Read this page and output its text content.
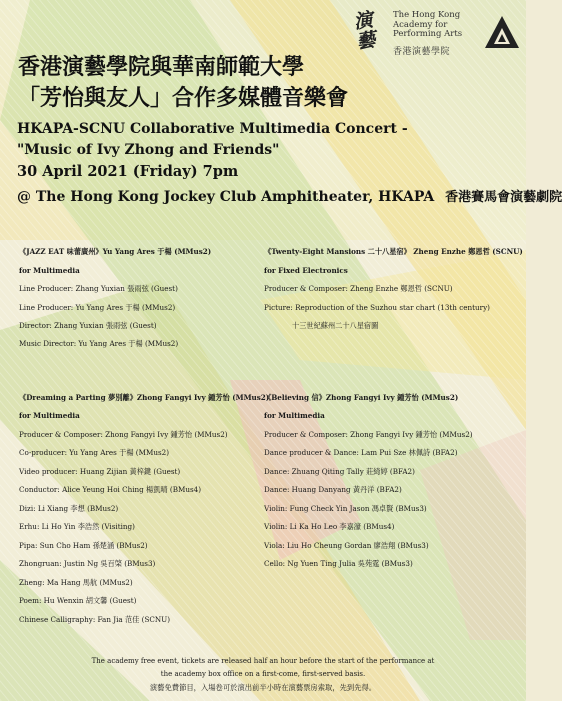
演藝
The Hong Kong Academy for Performing Arts
香港演藝學院
香港演藝學院與華南師範大學
「芳怡與友人」合作多媒體音樂會
HKAPA-SCNU Collaborative Multimedia Concert -
"Music of Ivy Zhong and Friends"
30 April 2021 (Friday) 7pm
@ The Hong Kong Jockey Club Amphitheater, HKAPA 香港賽馬會演藝劇院
《JAZZ EAT 味蕾廣州》Yu Yang Ares 于楊 (MMus2)
for Multimedia
Line Producer: Zhang Yuxian 張雨弦 (Guest)
Line Producer: Yu Yang Ares 于楊 (MMus2)
Director: Zhang Yuxian 張雨弦 (Guest)
Music Director: Yu Yang Ares 于楊 (MMus2)
《Twenty-Eight Mansions 二十八星宿》 Zheng Enzhe 鄭恩哲 (SCNU)
for Fixed Electronics
Producer & Composer: Zheng Enzhe 鄭恩哲 (SCNU)
Picture: Reproduction of the Suzhou star chart (13th century)
十三世紀蘇州二十八星宿圖
《Dreaming a Parting 夢別離》Zhong Fangyi Ivy 鍾芳怡 (MMus2)
for Multimedia
Producer & Composer: Zhong Fangyi Ivy 鍾芳怡 (MMus2)
Co-producer: Yu Yang Ares 于楊 (MMus2)
Video producer: Huang Zijian 黃梓鍵 (Guest)
Conductor: Alice Yeung Hoi Ching 楊凱晴 (BMus4)
Dizi: Li Xiang 李想 (BMus2)
Erhu: Li Ho Yin 李浩然 (Visiting)
Pipa: Sun Cho Ham 孫楚涵 (BMus2)
Zhongruan: Justin Ng 吳百棨 (BMus3)
Zheng: Ma Hang 馬航 (MMus2)
Poem: Hu Wenxin 胡文馨 (Guest)
Chinese Calligraphy: Fan Jia 范佳 (SCNU)
《Believing 信》Zhong Fangyi Ivy 鍾芳怡 (MMus2)
for Multimedia
Producer & Composer: Zhong Fangyi Ivy 鍾芳怡 (MMus2)
Dance producer & Dance: Lam Pui Sze 林佩詩 (BFA2)
Dance: Zhuang Qiting Tally 莊綺婷 (BFA2)
Dance: Huang Danyang 黃丹洋 (BFA2)
Violin: Fung Check Yin Jason 馮卓賢 (BMus3)
Violin: Li Ka Ho Leo 李嘉濠 (BMus4)
Viola: Liu Ho Cheung Gordan 廖浩翔 (BMus3)
Cello: Ng Yuen Ting Julia 吳苑霆 (BMus3)
The academy free event, tickets are released half an hour before the start of the performance at
the academy box office on a first-come, first-served basis.
演藝免費節目，入場卷可於演出前半小時在演藝票房索取，先到先得。
